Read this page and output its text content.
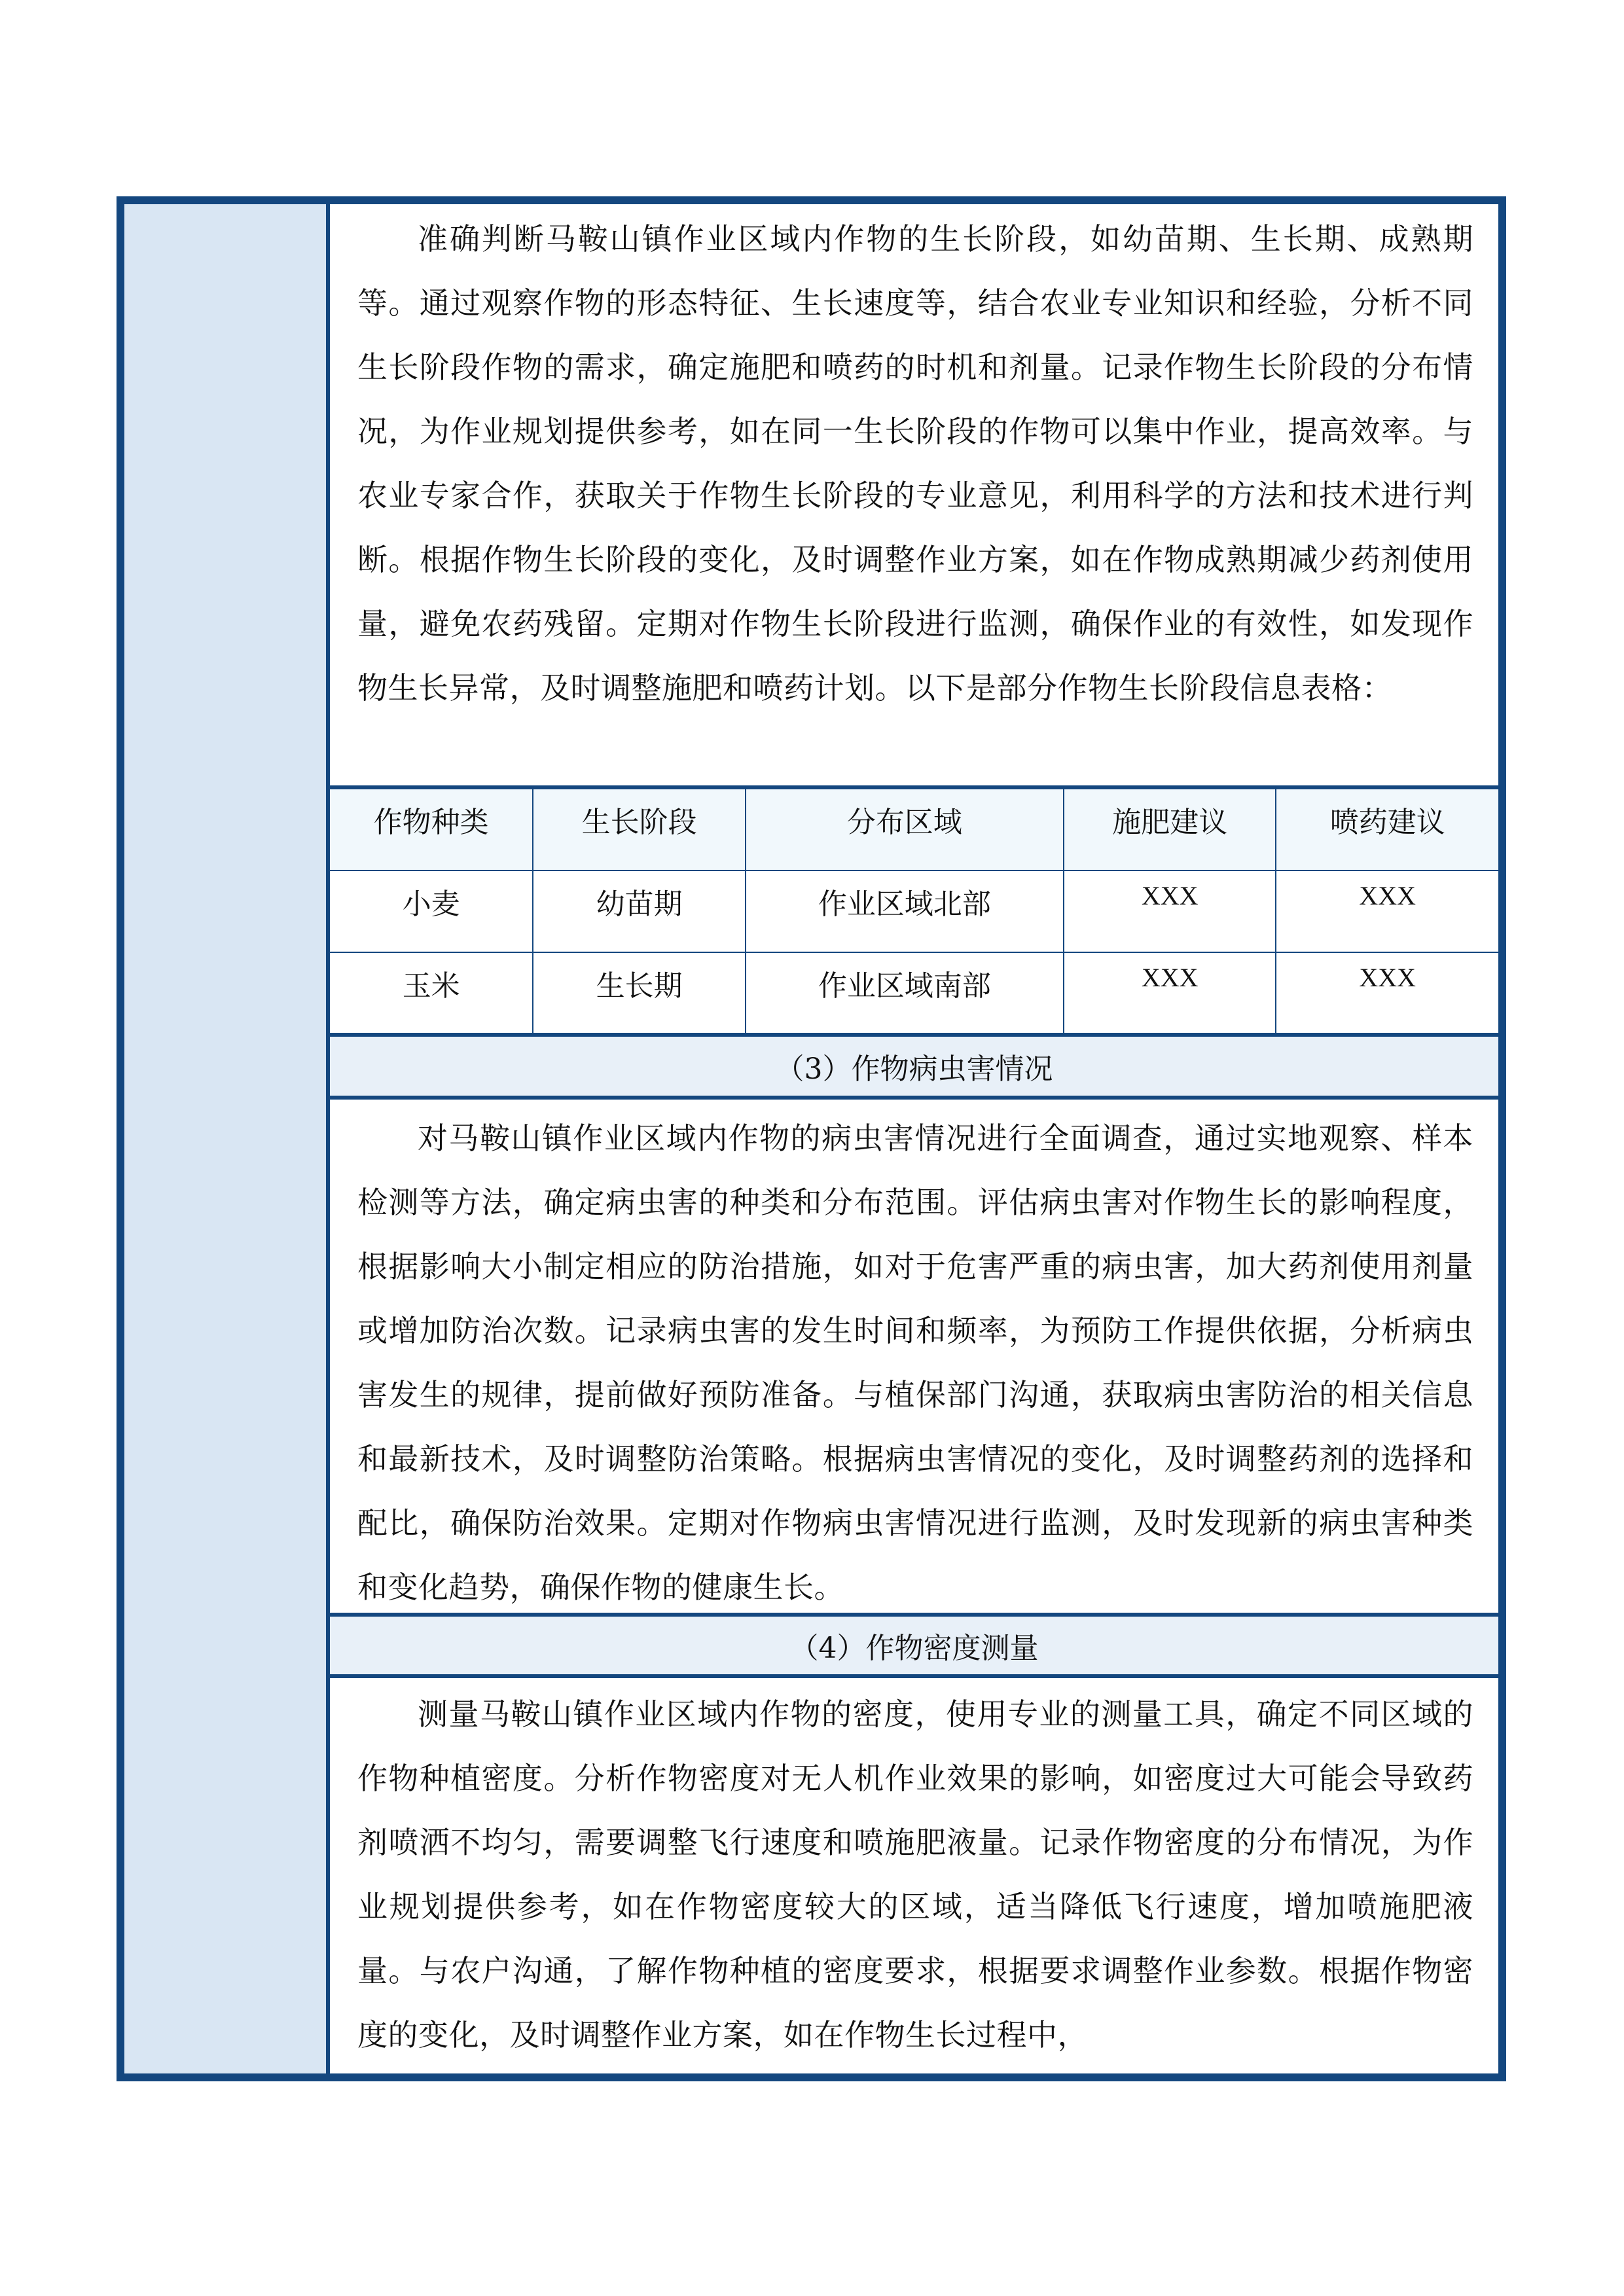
准确判断马鞍山镇作业区域内作物的生长阶段，如幼苗期、生长期、成熟期等。通过观察作物的形态特征、生长速度等，结合农业专业知识和经验，分析不同生长阶段作物的需求，确定施肥和喷药的时机和剂量。记录作物生长阶段的分布情况，为作业规划提供参考，如在同一生长阶段的作物可以集中作业，提高效率。与农业专家合作，获取关于作物生长阶段的专业意见，利用科学的方法和技术进行判断。根据作物生长阶段的变化，及时调整作业方案，如在作物成熟期减少药剂使用量，避免农药残留。定期对作物生长阶段进行监测，确保作业的有效性，如发现作物生长异常，及时调整施肥和喷药计划。以下是部分作物生长阶段信息表格：
作物种类	生长阶段	分布区域	施肥建议	喷药建议
小麦	幼苗期	作业区域北部	XXX	XXX
玉米	生长期	作业区域南部	XXX	XXX
（3）作物病虫害情况
对马鞍山镇作业区域内作物的病虫害情况进行全面调查，通过实地观察、样本检测等方法，确定病虫害的种类和分布范围。评估病虫害对作物生长的影响程度，根据影响大小制定相应的防治措施，如对于危害严重的病虫害，加大药剂使用剂量或增加防治次数。记录病虫害的发生时间和频率，为预防工作提供依据，分析病虫害发生的规律，提前做好预防准备。与植保部门沟通，获取病虫害防治的相关信息和最新技术，及时调整防治策略。根据病虫害情况的变化，及时调整药剂的选择和配比，确保防治效果。定期对作物病虫害情况进行监测，及时发现新的病虫害种类和变化趋势，确保作物的健康生长。
（4）作物密度测量
测量马鞍山镇作业区域内作物的密度，使用专业的测量工具，确定不同区域的作物种植密度。分析作物密度对无人机作业效果的影响，如密度过大可能会导致药剂喷洒不均匀，需要调整飞行速度和喷施肥液量。记录作物密度的分布情况，为作业规划提供参考，如在作物密度较大的区域，适当降低飞行速度，增加喷施肥液量。与农户沟通，了解作物种植的密度要求，根据要求调整作业参数。根据作物密度的变化，及时调整作业方案，如在作物生长过程中，
